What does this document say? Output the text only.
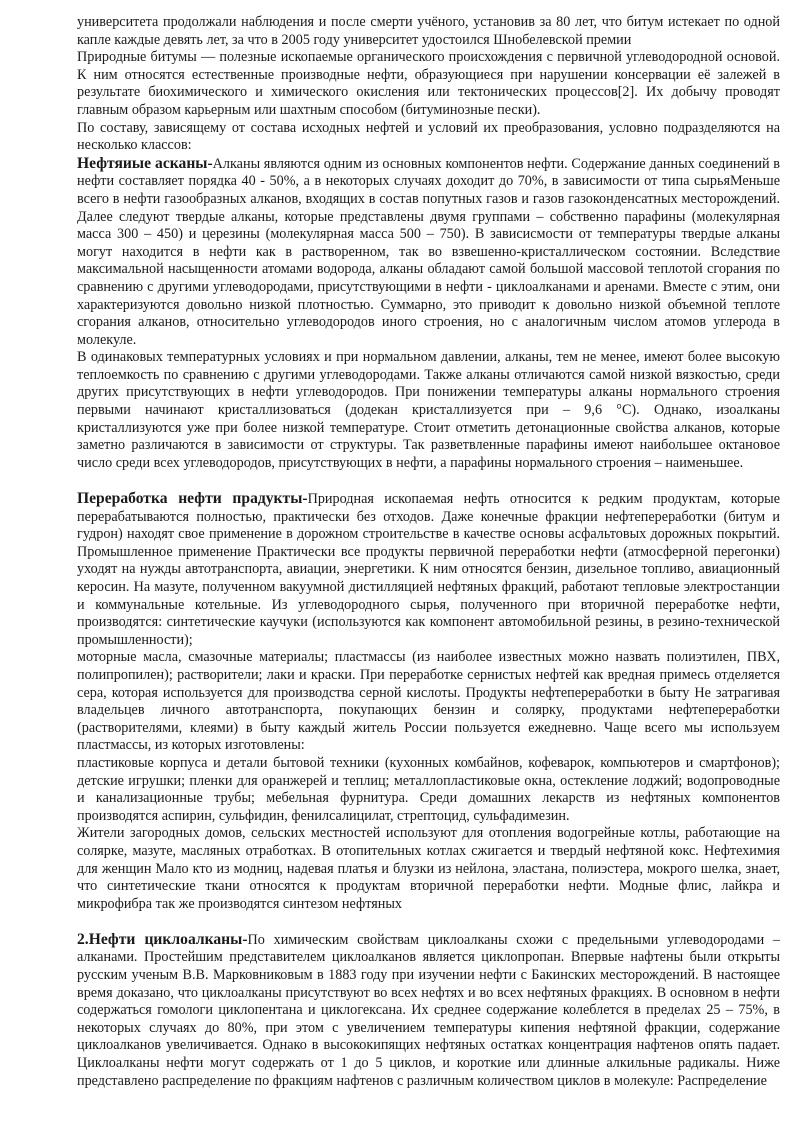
университета продолжали наблюдения и после смерти учёного, установив за 80 лет, что битум истекает по одной капле каждые девять лет, за что в 2005 году университет удостоился Шнобелевской премии

Природные битумы — полезные ископаемые органического происхождения с первичной углеводородной основой. К ним относятся естественные производные нефти, образующиеся при нарушении консервации её залежей в результате биохимического и химического окисления или тектонических процессов[2]. Их добычу проводят главным образом карьерным или шахтным способом (битуминозные пески).

По составу, зависящему от состава исходных нефтей и условий их преобразования, условно подразделяются на несколько классов:

Нефтяиые асканы-Алканы являются одним из основных компонентов нефти. Содержание данных соединений в нефти составляет порядка 40 - 50%, а в некоторых случаях доходит до 70%, в зависимости от типа сырьяМеньше всего в нефти газообразных алканов, входящих в состав попутных газов и газов газоконденсатных месторождений. Далее следуют твердые алканы, которые представлены двумя группами – собственно парафины (молекулярная масса 300 – 450) и церезины (молекулярная масса 500 – 750). В зависисмости от температуры твердые алканы могут находится в нефти как в растворенном, так во взвешенно-кристаллическом состоянии. Вследствие максимальной насыщенности атомами водорода, алканы обладают самой большой массовой теплотой сгорания по сравнению с другими углеводородами, присутствующими в нефти - циклоалканами и аренами. Вместе с этим, они характеризуются довольно низкой плотностью. Суммарно, это приводит к довольно низкой объемной теплоте сгорания алканов, относительно углеводородов иного строения, но с аналогичным числом атомов углерода в молекуле.

В одинаковых температурных условиях и при нормальном давлении, алканы, тем не менее, имеют более высокую теплоемкость по сравнению с другими углеводородами. Также алканы отличаются самой низкой вязкостью, среди других присутствующих в нефти углеводородов. При понижении температуры алканы нормального строения первыми начинают кристаллизоваться (додекан кристаллизуется при – 9,6 °C). Однако, изоалканы кристаллизуются уже при более низкой температуре. Стоит отметить детонационные свойства алканов, которые заметно различаются в зависимости от структуры. Так разветвленные парафины имеют наибольшее октановое число среди всех углеводородов, присутствующих в нефти, а парафины нормального строения – наименьшее.

Переработка нефти прадукты-Природная ископаемая нефть относится к редким продуктам, которые перерабатываются полностью, практически без отходов. Даже конечные фракции нефтепереработки (битум и гудрон) находят свое применение в дорожном строительстве в качестве основы асфальтовых дорожных покрытий. Промышленное применение Практически все продукты первичной переработки нефти (атмосферной перегонки) уходят на нужды автотранспорта, авиации, энергетики. К ним относятся бензин, дизельное топливо, авиационный керосин. На мазуте, полученном вакуумной дистилляцией нефтяных фракций, работают тепловые электростанции и коммунальные котельные. Из углеводородного сырья, полученного при вторичной переработке нефти, производятся: синтетические каучуки (используются как компонент автомобильной резины, в резино-технической промышленности);

моторные масла, смазочные материалы; пластмассы (из наиболее известных можно назвать полиэтилен, ПВХ, полипропилен); растворители; лаки и краски. При переработке сернистых нефтей как вредная примесь отделяется сера, которая используется для производства серной кислоты. Продукты нефтепереработки в быту Не затрагивая владельцев личного автотранспорта, покупающих бензин и солярку, продуктами нефтепереработки (растворителями, клеями) в быту каждый житель России пользуется ежедневно. Чаще всего мы используем пластмассы, из которых изготовлены:

пластиковые корпуса и детали бытовой техники (кухонных комбайнов, кофеварок, компьютеров и смартфонов); детские игрушки; пленки для оранжерей и теплиц; металлопластиковые окна, остекление лоджий; водопроводные и канализационные трубы; мебельная фурнитура. Среди домашних лекарств из нефтяных компонентов производятся аспирин, сульфидин, фенилсалицилат, стрептоцид, сульфадимезин.

Жители загородных домов, сельских местностей используют для отопления водогрейные котлы, работающие на солярке, мазуте, масляных отработках. В отопительных котлах сжигается и твердый нефтяной кокс. Нефтехимия для женщин Мало кто из модниц, надевая платья и блузки из нейлона, эластана, полиэстера, мокрого шелка, знает, что синтетические ткани относятся к продуктам вторичной переработки нефти. Модные флис, лайкра и микрофибра так же производятся синтезом нефтяных

2.Нефти циклоалканы-По химическим свойствам циклоалканы схожи с предельными углеводородами – алканами. Простейшим представителем циклоалканов является циклопропан. Впервые нафтены были открыты русским ученым В.В. Марковниковым в 1883 году при изучении нефти с Бакинских месторождений. В настоящее время доказано, что циклоалканы присутствуют во всех нефтях и во всех нефтяных фракциях. В основном в нефти содержаться гомологи циклопентана и циклогексана. Их среднее содержание колеблется в пределах 25 – 75%, в некоторых случаях до 80%, при этом с увеличением температуры кипения нефтяной фракции, содержание циклоалканов увеличивается. Однако в высококипящих нефтяных остатках концентрация нафтенов опять падает. Циклоалканы нефти могут содержать от 1 до 5 циклов, и короткие или длинные алкильные радикалы. Ниже представлено распределение по фракциям нафтенов с различным количеством циклов в молекуле: Распределение
